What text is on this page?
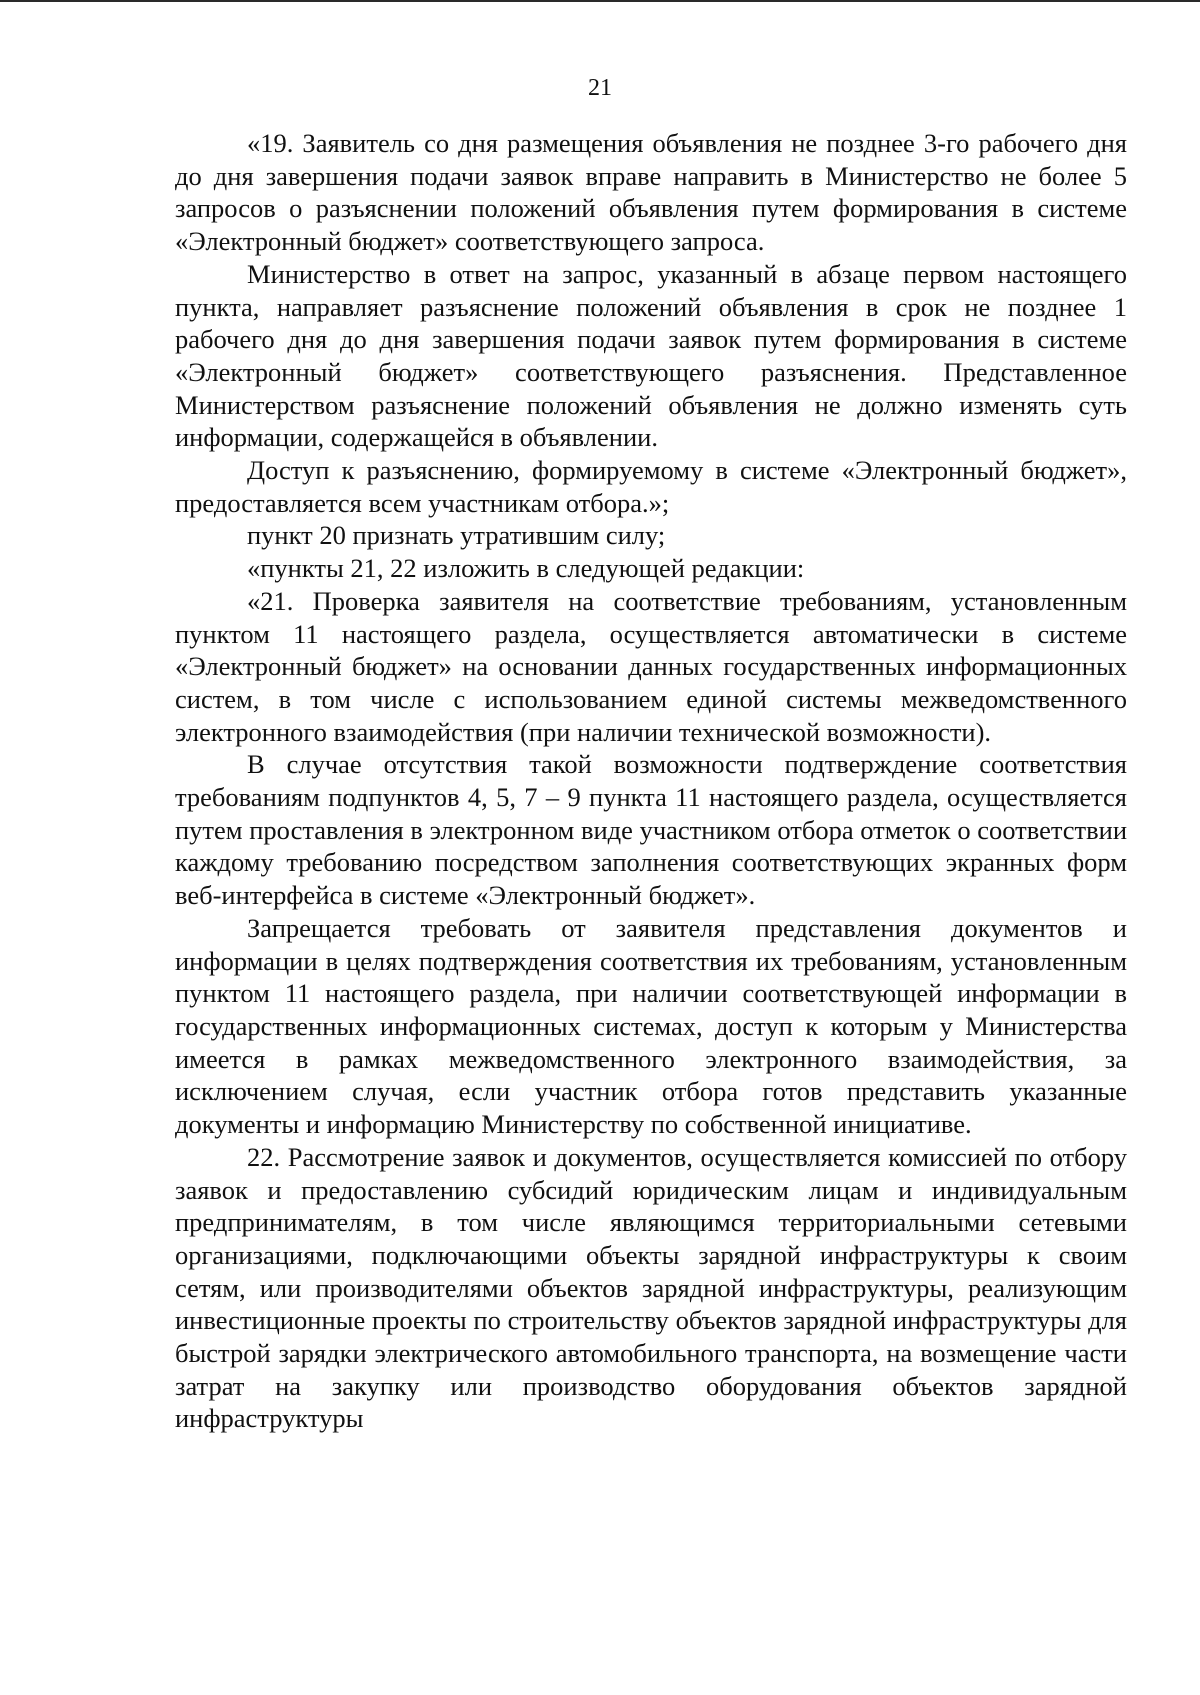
21

«19. Заявитель со дня размещения объявления не позднее 3-го рабочего дня до дня завершения подачи заявок вправе направить в Министерство не более 5 запросов о разъяснении положений объявления путем формирования в системе «Электронный бюджет» соответствующего запроса.

Министерство в ответ на запрос, указанный в абзаце первом настоящего пункта, направляет разъяснение положений объявления в срок не позднее 1 рабочего дня до дня завершения подачи заявок путем формирования в системе «Электронный бюджет» соответствующего разъяснения. Представленное Министерством разъяснение положений объявления не должно изменять суть информации, содержащейся в объявлении.

Доступ к разъяснению, формируемому в системе «Электронный бюджет», предоставляется всем участникам отбора.»;

пункт 20 признать утратившим силу;

«пункты 21, 22 изложить в следующей редакции:

«21. Проверка заявителя на соответствие требованиям, установленным пунктом 11 настоящего раздела, осуществляется автоматически в системе «Электронный бюджет» на основании данных государственных информационных систем, в том числе с использованием единой системы межведомственного электронного взаимодействия (при наличии технической возможности).

В случае отсутствия такой возможности подтверждение соответствия требованиям подпунктов 4, 5, 7 – 9 пункта 11 настоящего раздела, осуществляется путем проставления в электронном виде участником отбора отметок о соответствии каждому требованию посредством заполнения соответствующих экранных форм веб-интерфейса в системе «Электронный бюджет».

Запрещается требовать от заявителя представления документов и информации в целях подтверждения соответствия их требованиям, установленным пунктом 11 настоящего раздела, при наличии соответствующей информации в государственных информационных системах, доступ к которым у Министерства имеется в рамках межведомственного электронного взаимодействия, за исключением случая, если участник отбора готов представить указанные документы и информацию Министерству по собственной инициативе.

22. Рассмотрение заявок и документов, осуществляется комиссией по отбору заявок и предоставлению субсидий юридическим лицам и индивидуальным предпринимателям, в том числе являющимся территориальными сетевыми организациями, подключающими объекты зарядной инфраструктуры к своим сетям, или производителями объектов зарядной инфраструктуры, реализующим инвестиционные проекты по строительству объектов зарядной инфраструктуры для быстрой зарядки электрического автомобильного транспорта, на возмещение части затрат на закупку или производство оборудования объектов зарядной инфраструктуры
